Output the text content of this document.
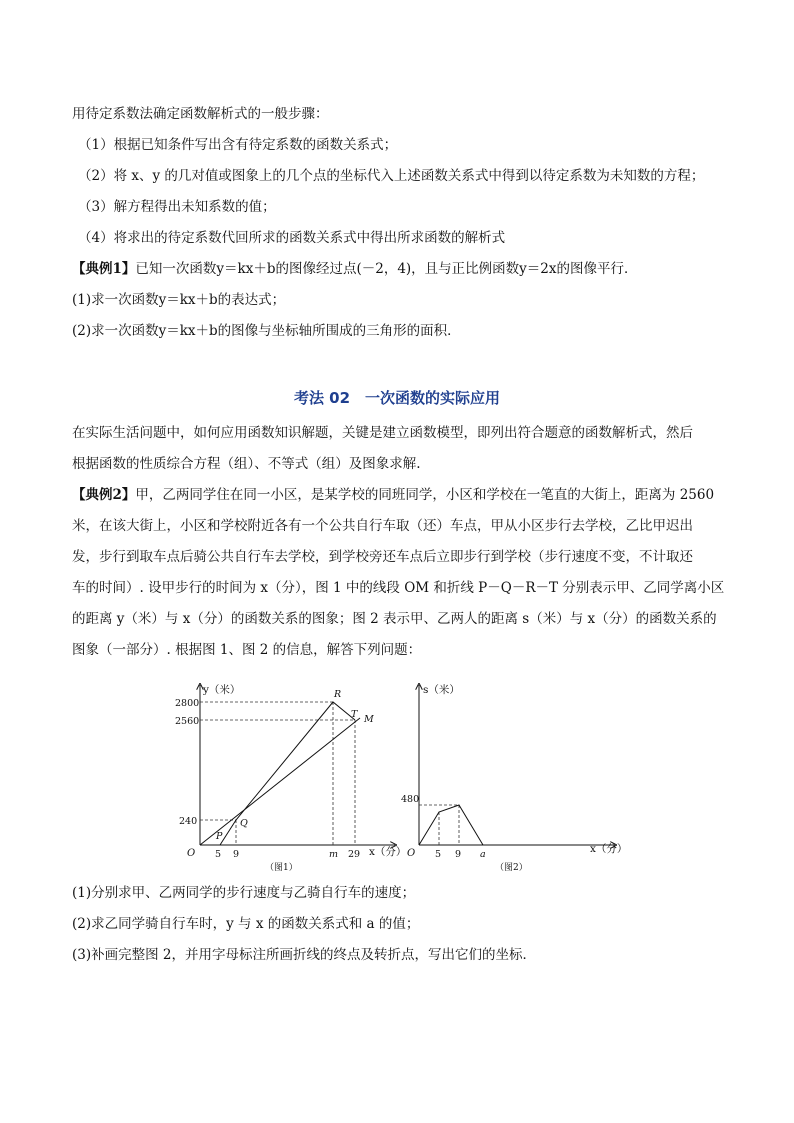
用待定系数法确定函数解析式的一般步骤：
（1）根据已知条件写出含有待定系数的函数关系式；
（2）将 x、y 的几对值或图象上的几个点的坐标代入上述函数关系式中得到以待定系数为未知数的方程；
（3）解方程得出未知系数的值；
（4）将求出的待定系数代回所求的函数关系式中得出所求函数的解析式
【典例1】已知一次函数y＝kx＋b的图像经过点(－2，4)，且与正比例函数y＝2x的图像平行．
(1)求一次函数y＝kx＋b的表达式；
(2)求一次函数y＝kx＋b的图像与坐标轴所围成的三角形的面积．
考法 02　一次函数的实际应用
在实际生活问题中，如何应用函数知识解题，关键是建立函数模型，即列出符合题意的函数解析式，然后
根据函数的性质综合方程（组）、不等式（组）及图象求解.
【典例2】甲，乙两同学住在同一小区，是某学校的同班同学，小区和学校在一笔直的大街上，距离为 2560
米，在该大街上，小区和学校附近各有一个公共自行车取（还）车点，甲从小区步行去学校，乙比甲迟出
发，步行到取车点后骑公共自行车去学校，到学校旁还车点后立即步行到学校（步行速度不变，不计取还
车的时间）. 设甲步行的时间为 x（分），图 1 中的线段 OM 和折线 P－Q－R－T 分别表示甲、乙同学离小区
的距离 y（米）与 x（分）的函数关系的图象；图 2 表示甲、乙两人的距离 s（米）与 x（分）的函数关系的
图象（一部分）. 根据图 1、图 2 的信息，解答下列问题：
y（米）
x（分）
O
2800
2560
240
5 9	m 29
P
Q
R
T M
（图1）
s（米）
x（分）
O
480
5 9 a
（图2）
(1)分别求甲、乙两同学的步行速度与乙骑自行车的速度；
(2)求乙同学骑自行车时，y 与 x 的函数关系式和 a 的值；
(3)补画完整图 2，并用字母标注所画折线的终点及转折点，写出它们的坐标．
